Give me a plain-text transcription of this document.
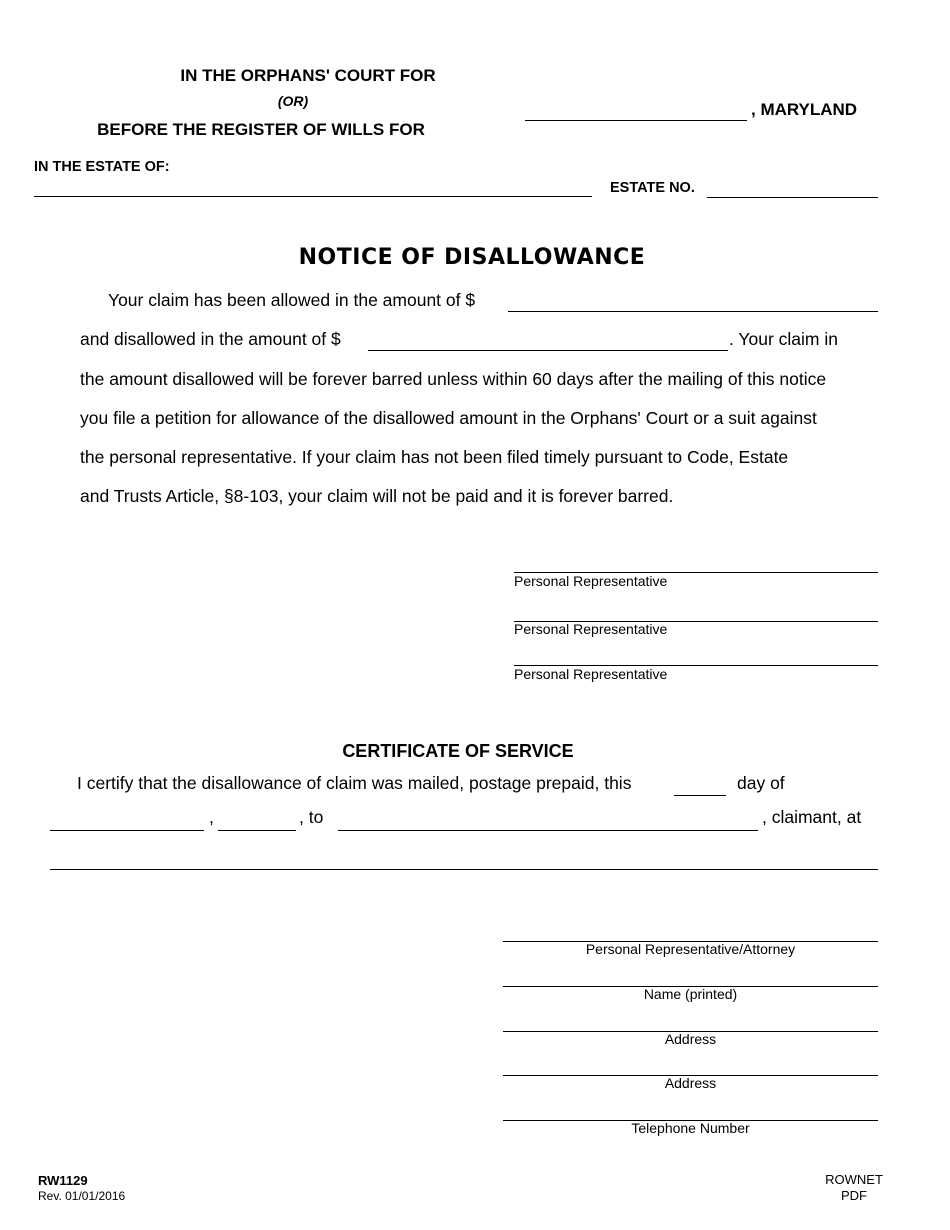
IN THE ORPHANS' COURT FOR
(OR)
BEFORE THE REGISTER OF WILLS FOR
, MARYLAND
IN THE ESTATE OF:
ESTATE NO.
NOTICE OF DISALLOWANCE
Your claim has been allowed in the amount of $
and disallowed in the amount of $	. Your claim in
the amount disallowed will be forever barred unless within 60 days after the mailing of this notice
you file a petition for allowance of the disallowed amount in the Orphans' Court or a suit against
the personal representative. If your claim has not been filed timely pursuant to Code, Estate
and Trusts Article, §8-103, your claim will not be paid and it is forever barred.
Personal Representative
Personal Representative
Personal Representative
CERTIFICATE OF SERVICE
I certify that the disallowance of claim was mailed, postage prepaid, this	day of
,	, to	, claimant, at
Personal Representative/Attorney
Name (printed)
Address
Address
Telephone Number
RW1129
Rev. 01/01/2016
ROWNET
PDF
